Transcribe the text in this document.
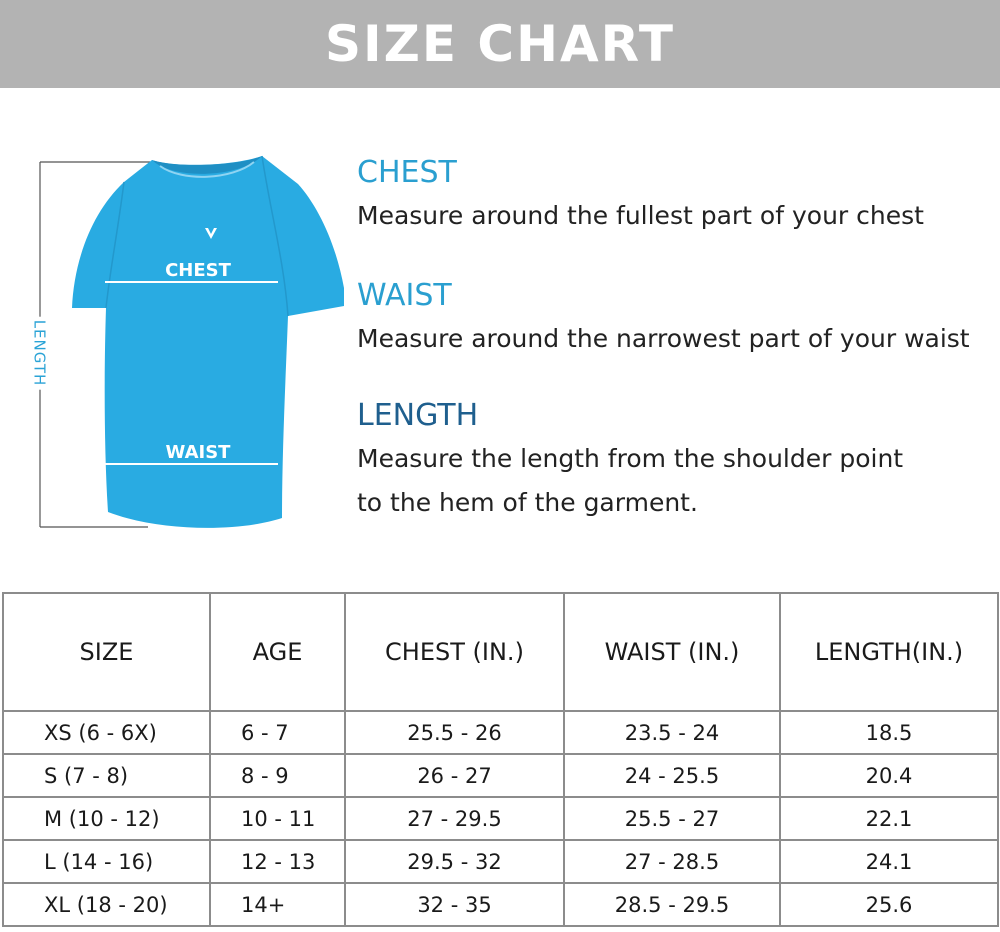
SIZE CHART
CHEST
WAIST
LENGTH
CHEST

Measure around the fullest part of your chest

WAIST

Measure around the narrowest part of your waist

LENGTH

Measure the length from the shoulder point

to the hem of the garment.

SIZE	AGE	CHEST (IN.)	WAIST (IN.)	LENGTH(IN.)
XS (6 - 6X)	6 - 7	25.5 - 26	23.5 - 24	18.5
S (7 - 8)	8 - 9	26 - 27	24 - 25.5	20.4
M (10 - 12)	10 - 11	27 - 29.5	25.5 - 27	22.1
L (14 - 16)	12 - 13	29.5 - 32	27 - 28.5	24.1
XL (18 - 20)	14+	32 - 35	28.5 - 29.5	25.6
